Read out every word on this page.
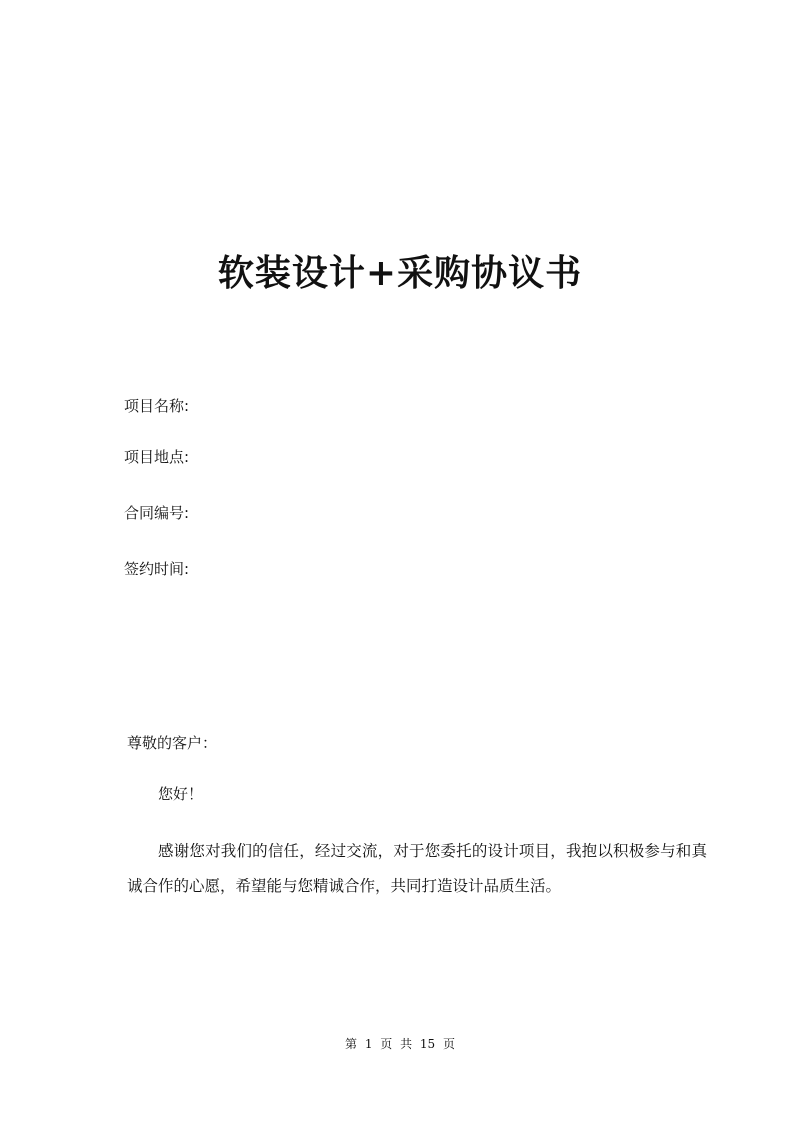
软装设计+采购协议书
项目名称:
项目地点:
合同编号:
签约时间:
尊敬的客户：
您好！
感谢您对我们的信任，经过交流，对于您委托的设计项目，我抱以积极参与和真诚合作的心愿，希望能与您精诚合作，共同打造设计品质生活。
第 1 页 共 15 页
